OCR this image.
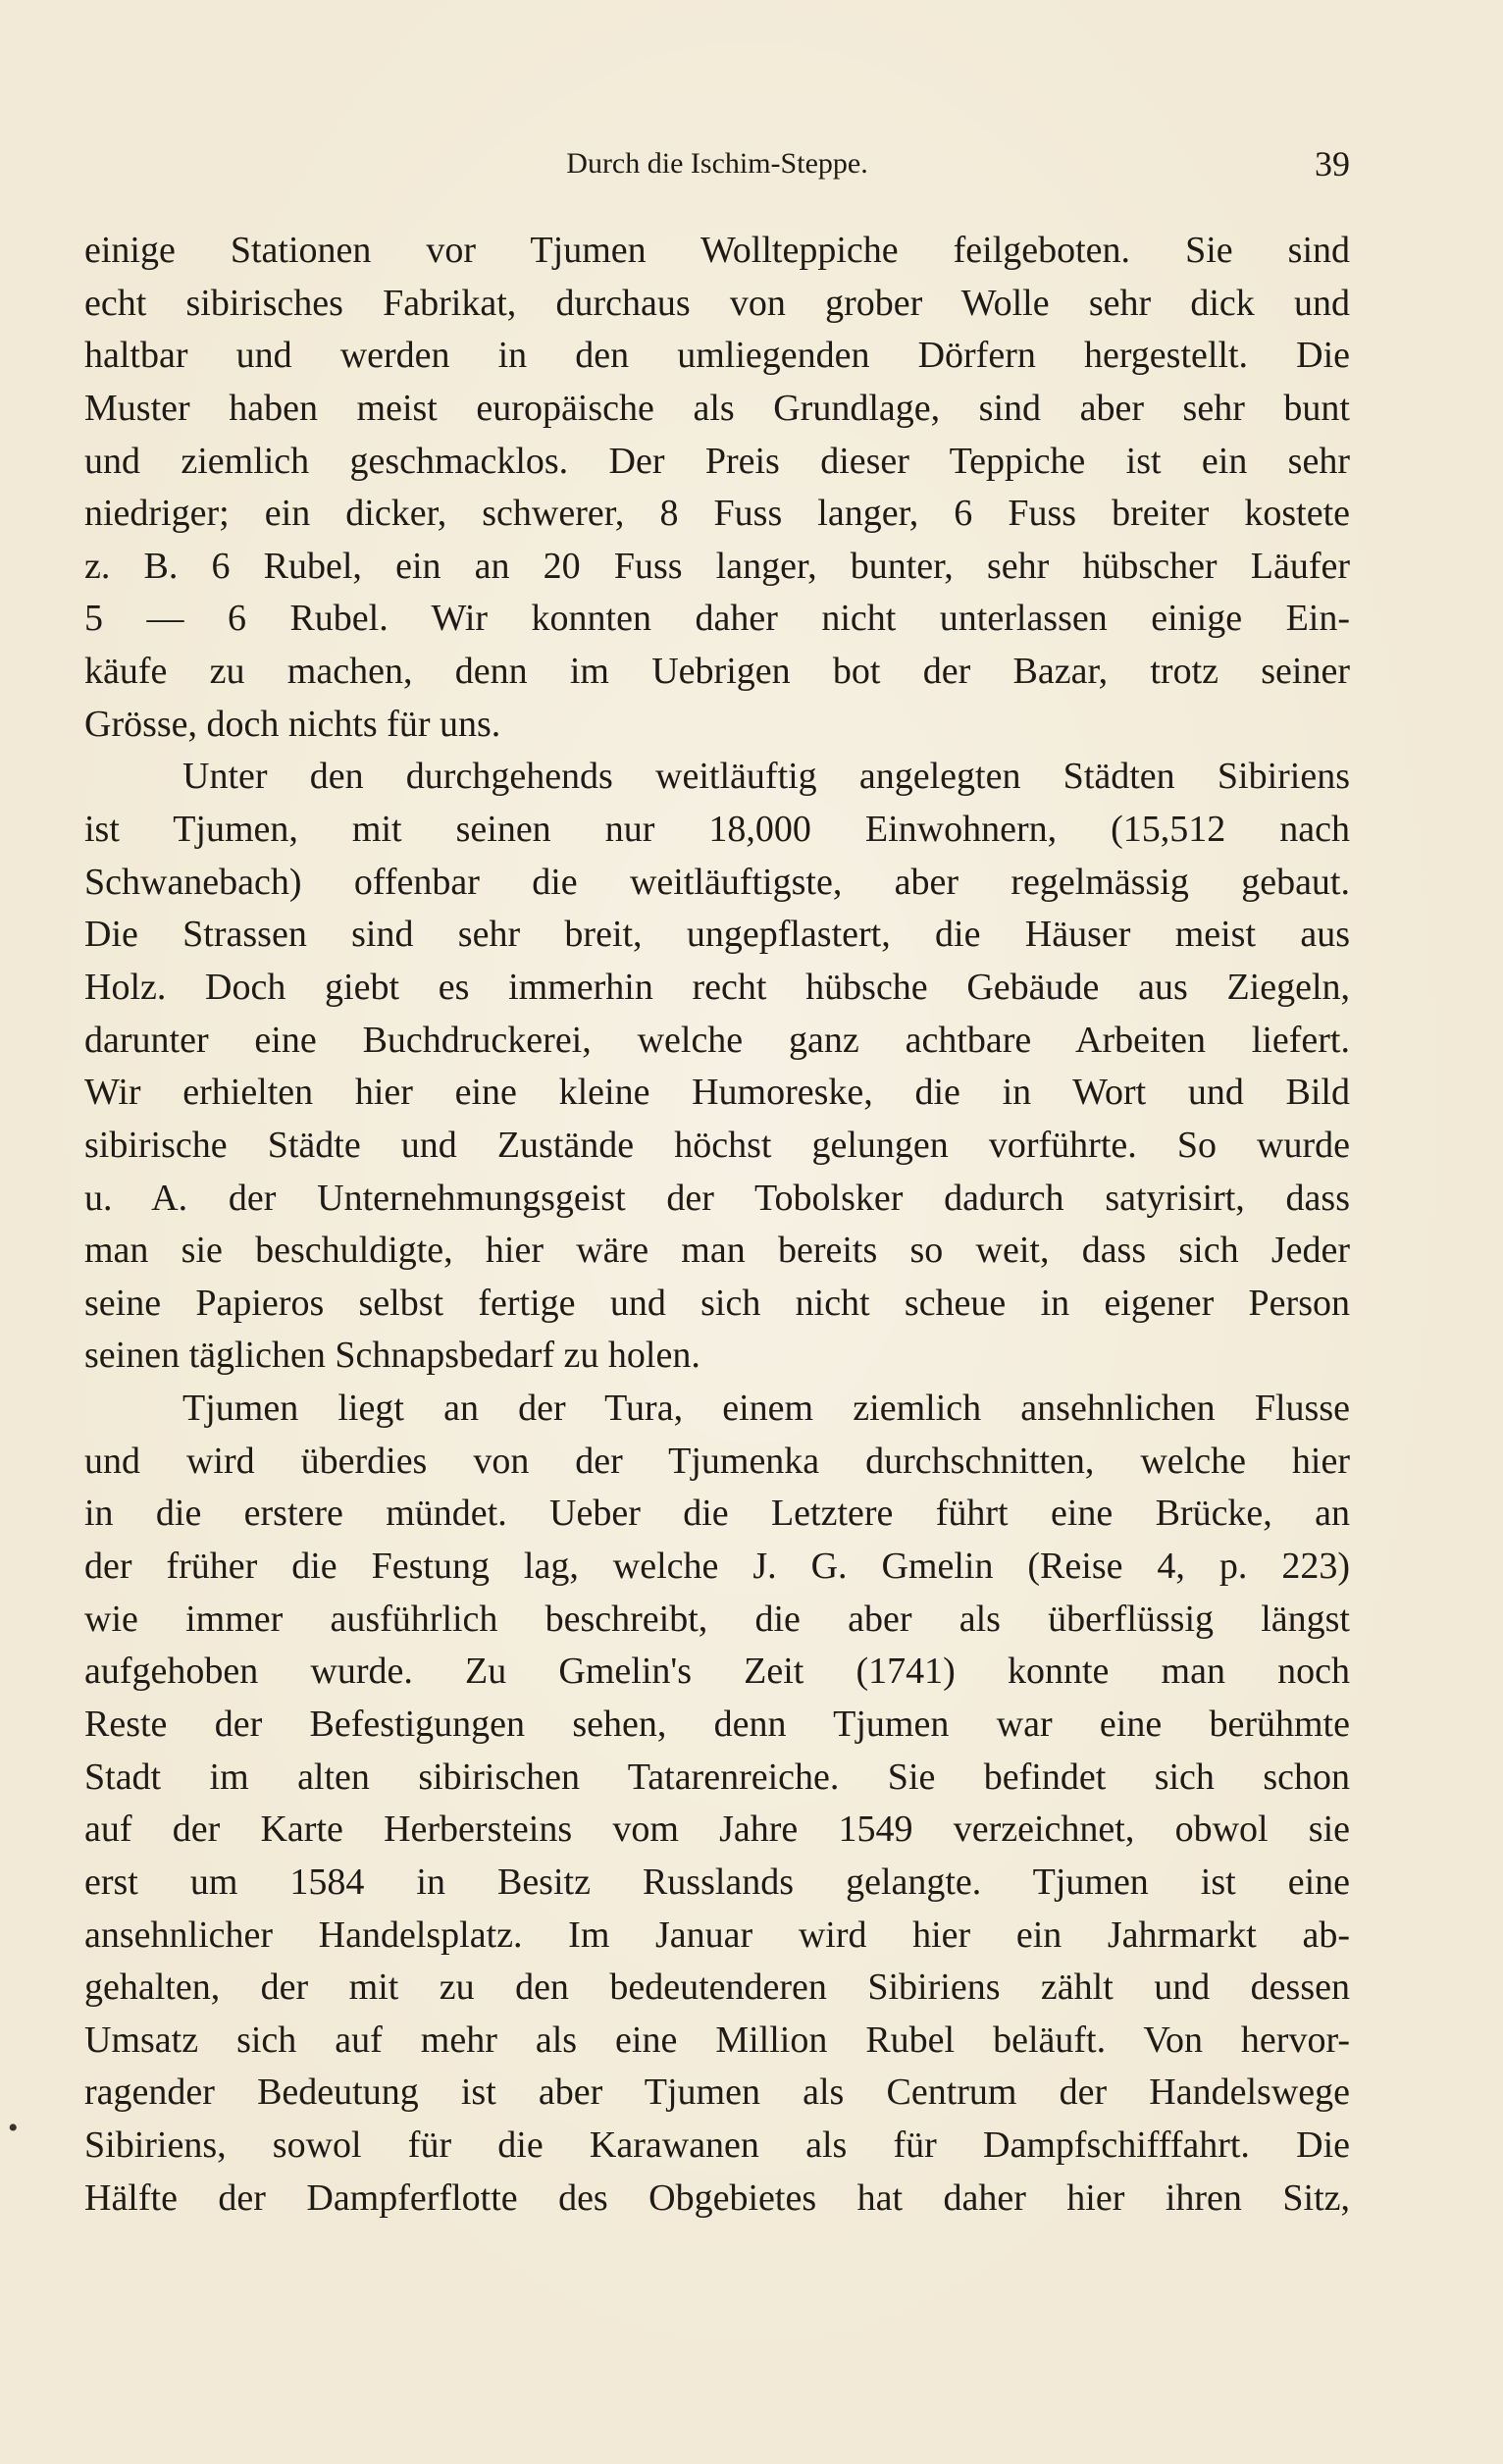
Durch die Ischim-Steppe.	39
•
einige Stationen vor Tjumen Wollteppiche feilgeboten. Sie sind
echt sibirisches Fabrikat, durchaus von grober Wolle sehr dick und
haltbar und werden in den umliegenden Dörfern hergestellt. Die
Muster haben meist europäische als Grundlage, sind aber sehr bunt
und ziemlich geschmacklos. Der Preis dieser Teppiche ist ein sehr
niedriger; ein dicker, schwerer, 8 Fuss langer, 6 Fuss breiter kostete
z. B. 6 Rubel, ein an 20 Fuss langer, bunter, sehr hübscher Läufer
5 — 6 Rubel. Wir konnten daher nicht unterlassen einige Ein-
käufe zu machen, denn im Uebrigen bot der Bazar, trotz seiner
Grösse, doch nichts für uns.
Unter den durchgehends weitläuftig angelegten Städten Sibiriens
ist Tjumen, mit seinen nur 18,000 Einwohnern, (15,512 nach
Schwanebach) offenbar die weitläuftigste, aber regelmässig gebaut.
Die Strassen sind sehr breit, ungepflastert, die Häuser meist aus
Holz. Doch giebt es immerhin recht hübsche Gebäude aus Ziegeln,
darunter eine Buchdruckerei, welche ganz achtbare Arbeiten liefert.
Wir erhielten hier eine kleine Humoreske, die in Wort und Bild
sibirische Städte und Zustände höchst gelungen vorführte. So wurde
u. A. der Unternehmungsgeist der Tobolsker dadurch satyrisirt, dass
man sie beschuldigte, hier wäre man bereits so weit, dass sich Jeder
seine Papieros selbst fertige und sich nicht scheue in eigener Person
seinen täglichen Schnapsbedarf zu holen.
Tjumen liegt an der Tura, einem ziemlich ansehnlichen Flusse
und wird überdies von der Tjumenka durchschnitten, welche hier
in die erstere mündet. Ueber die Letztere führt eine Brücke, an
der früher die Festung lag, welche J. G. Gmelin (Reise 4, p. 223)
wie immer ausführlich beschreibt, die aber als überflüssig längst
aufgehoben wurde. Zu Gmelin's Zeit (1741) konnte man noch
Reste der Befestigungen sehen, denn Tjumen war eine berühmte
Stadt im alten sibirischen Tatarenreiche. Sie befindet sich schon
auf der Karte Herbersteins vom Jahre 1549 verzeichnet, obwol sie
erst um 1584 in Besitz Russlands gelangte. Tjumen ist eine
ansehnlicher Handelsplatz. Im Januar wird hier ein Jahrmarkt ab-
gehalten, der mit zu den bedeutenderen Sibiriens zählt und dessen
Umsatz sich auf mehr als eine Million Rubel beläuft. Von hervor-
ragender Bedeutung ist aber Tjumen als Centrum der Handelswege
Sibiriens, sowol für die Karawanen als für Dampfschifffahrt. Die
Hälfte der Dampferflotte des Obgebietes hat daher hier ihren Sitz,
